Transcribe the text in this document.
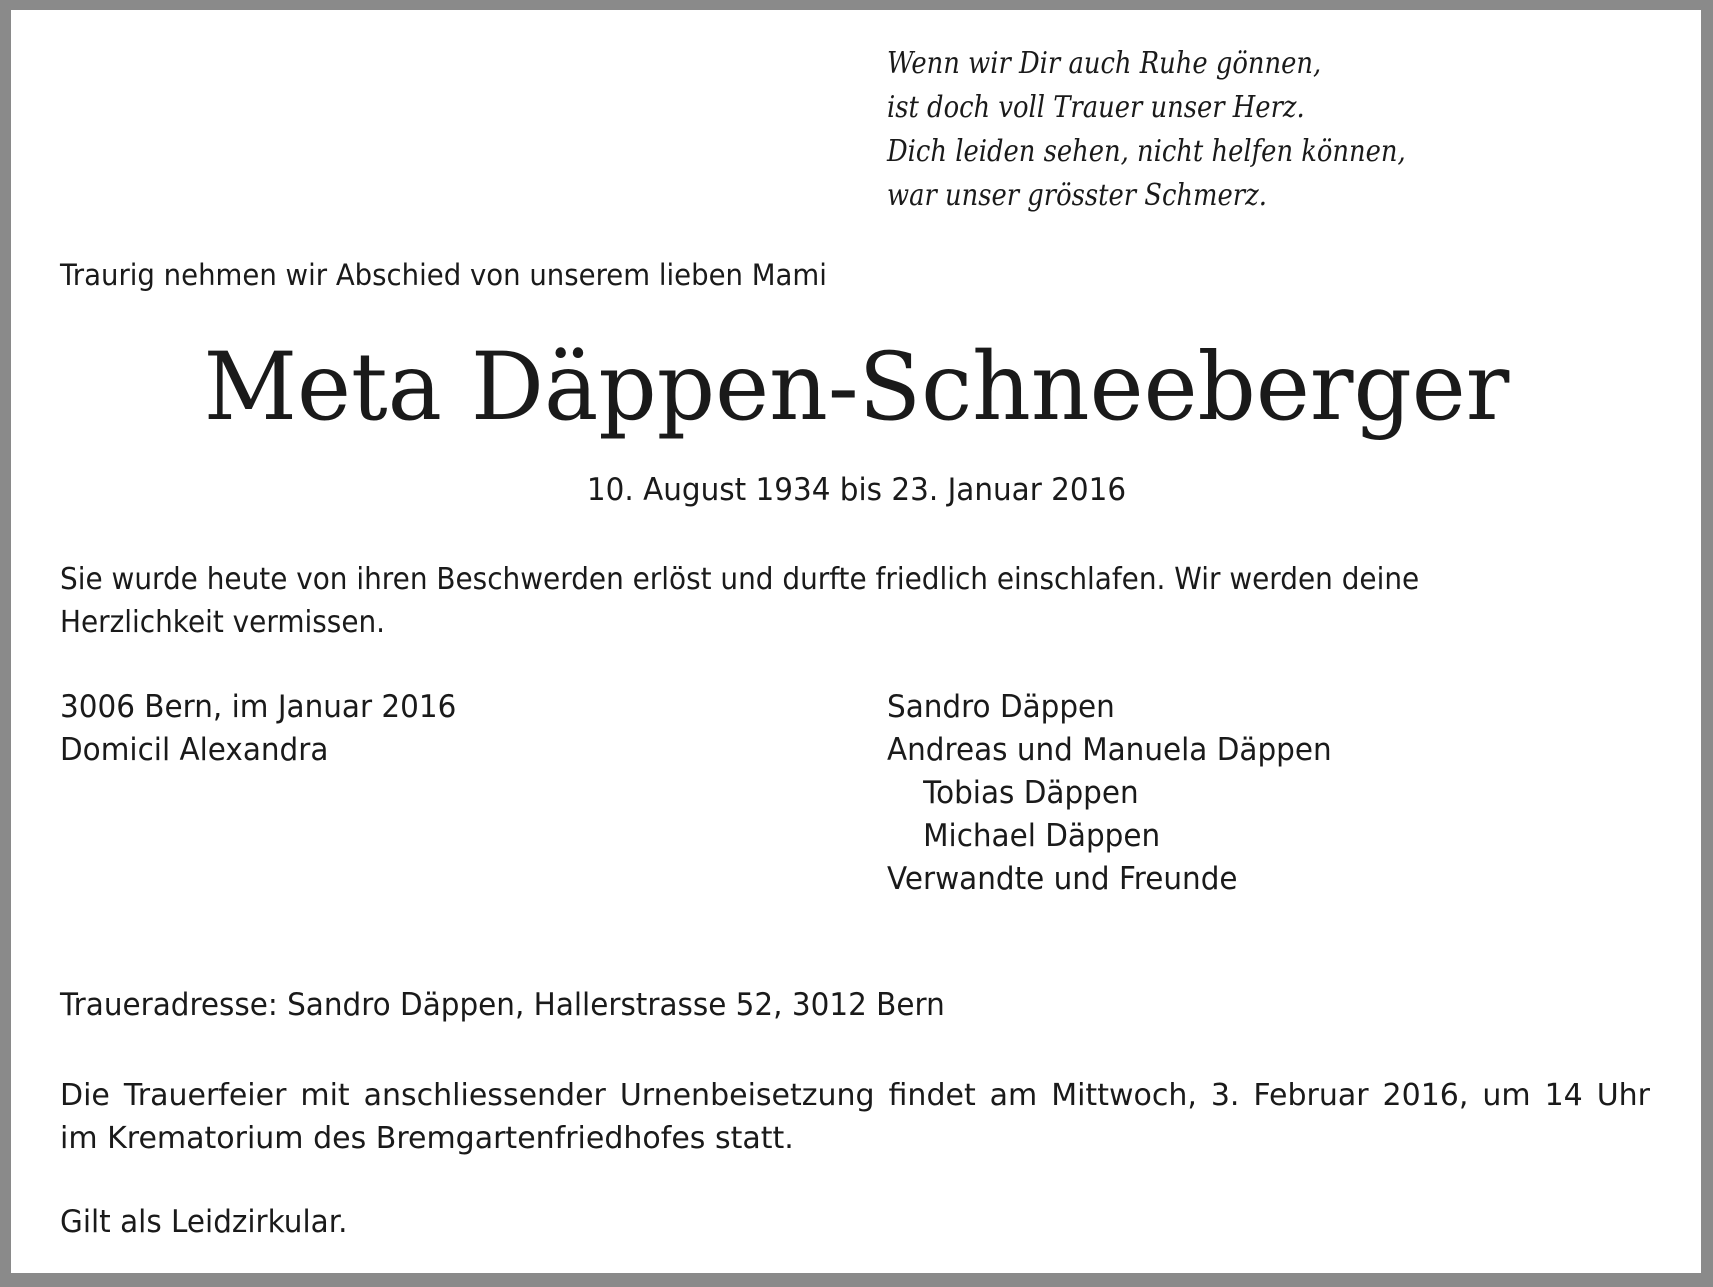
Wenn wir Dir auch Ruhe gönnen,
ist doch voll Trauer unser Herz.
Dich leiden sehen, nicht helfen können,
war unser grösster Schmerz.
Traurig nehmen wir Abschied von unserem lieben Mami
Meta Däppen-Schneeberger
10. August 1934 bis 23. Januar 2016
Sie wurde heute von ihren Beschwerden erlöst und durfte friedlich einschlafen. Wir werden deine Herzlichkeit vermissen.
3006 Bern, im Januar 2016
Domicil Alexandra
Sandro Däppen
Andreas und Manuela Däppen
Tobias Däppen
Michael Däppen
Verwandte und Freunde
Traueradresse: Sandro Däppen, Hallerstrasse 52, 3012 Bern
Die Trauerfeier mit anschliessender Urnenbeisetzung findet am Mittwoch, 3. Februar 2016, um 14 Uhr
im Krematorium des Bremgartenfriedhofes statt.
Gilt als Leidzirkular.
